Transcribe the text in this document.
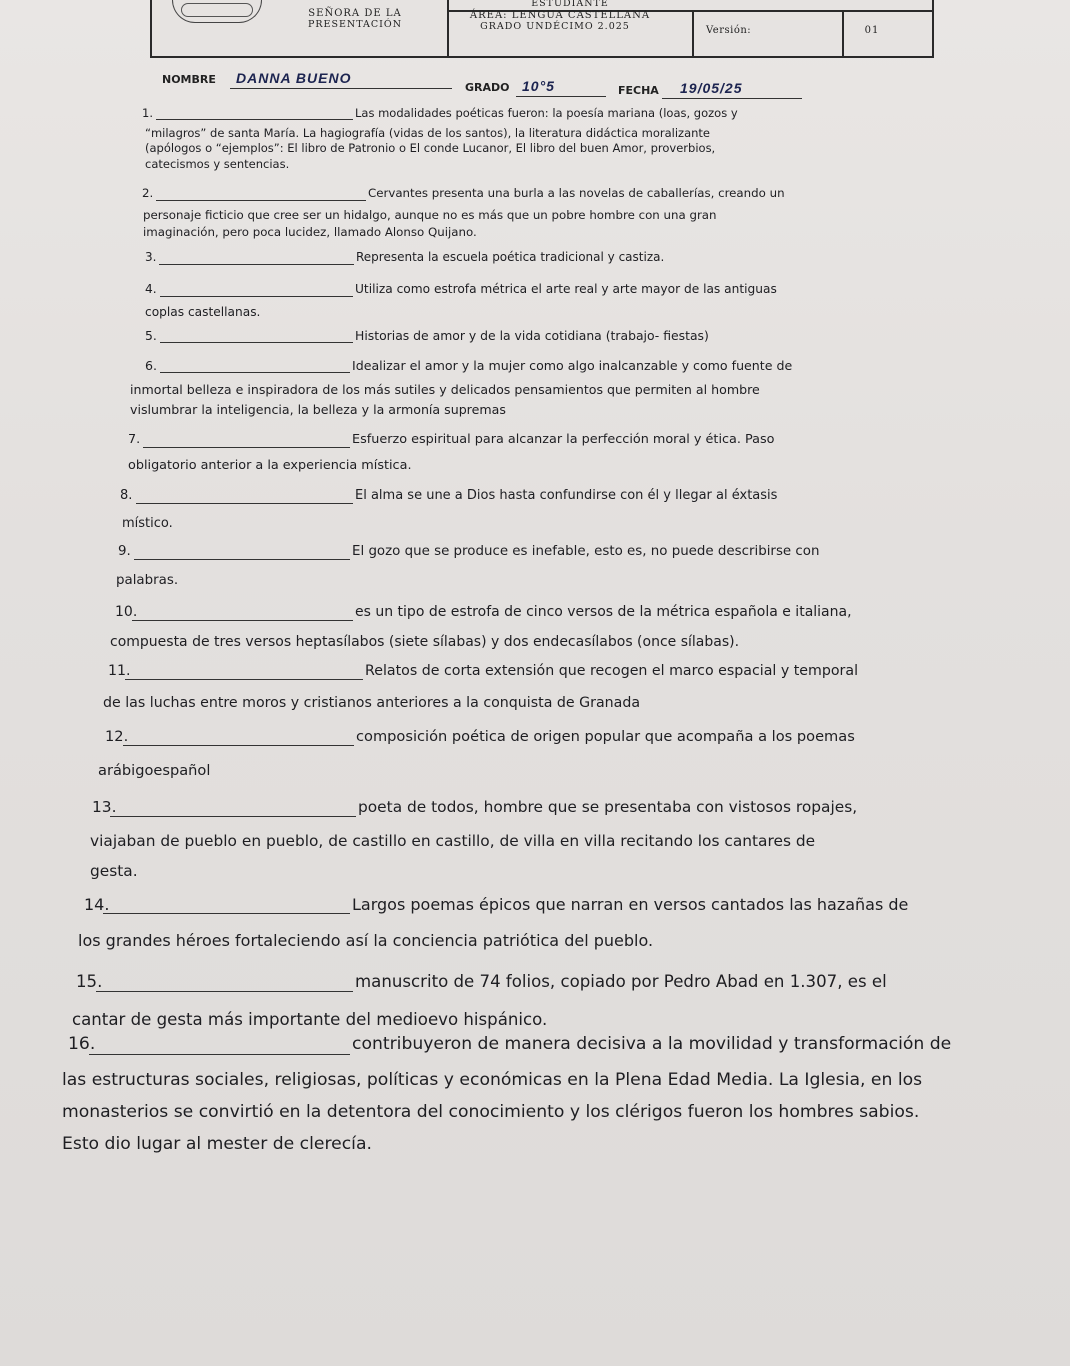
SEÑORA DE LA
PRESENTACIÓN
ESTUDIANTE
ÁREA: LENGUA CASTELLANA
GRADO UNDÉCIMO 2.025	Versión:	01
NOMBRE DANNA BUENO
GRADO 10°5	FECHA 19/05/25
1.	Las modalidades poéticas fueron: la poesía mariana (loas, gozos y
“milagros” de santa María. La hagiografía (vidas de los santos), la literatura didáctica moralizante
(apólogos o “ejemplos”: El libro de Patronio o El conde Lucanor, El libro del buen Amor, proverbios,
catecismos y sentencias.
2.	Cervantes presenta una burla a las novelas de caballerías, creando un
personaje ficticio que cree ser un hidalgo, aunque no es más que un pobre hombre con una gran
imaginación, pero poca lucidez, llamado Alonso Quijano.
3.	Representa la escuela poética tradicional y castiza.
4.	Utiliza como estrofa métrica el arte real y arte mayor de las antiguas
coplas castellanas.
5.	Historias de amor y de la vida cotidiana (trabajo- fiestas)
6.	Idealizar el amor y la mujer como algo inalcanzable y como fuente de
inmortal belleza e inspiradora de los más sutiles y delicados pensamientos que permiten al hombre
vislumbrar la inteligencia, la belleza y la armonía supremas
7.	Esfuerzo espiritual para alcanzar la perfección moral y ética. Paso
obligatorio anterior a la experiencia mística.
8.	El alma se une a Dios hasta confundirse con él y llegar al éxtasis
místico.
9.	El gozo que se produce es inefable, esto es, no puede describirse con
palabras.
10.	es un tipo de estrofa de cinco versos de la métrica española e italiana,
compuesta de tres versos heptasílabos (siete sílabas) y dos endecasílabos (once sílabas).
11.	Relatos de corta extensión que recogen el marco espacial y temporal
de las luchas entre moros y cristianos anteriores a la conquista de Granada
12.	composición poética de origen popular que acompaña a los poemas
arábigoespañol
13.	poeta de todos, hombre que se presentaba con vistosos ropajes,
viajaban de pueblo en pueblo, de castillo en castillo, de villa en villa recitando los cantares de
gesta.
14.	Largos poemas épicos que narran en versos cantados las hazañas de
los grandes héroes fortaleciendo así la conciencia patriótica del pueblo.
15.	manuscrito de 74 folios, copiado por Pedro Abad en 1.307, es el
cantar de gesta más importante del medioevo hispánico.
16.	contribuyeron de manera decisiva a la movilidad y transformación de
las estructuras sociales, religiosas, políticas y económicas en la Plena Edad Media. La Iglesia, en los
monasterios se convirtió en la detentora del conocimiento y los clérigos fueron los hombres sabios.
Esto dio lugar al mester de clerecía.
